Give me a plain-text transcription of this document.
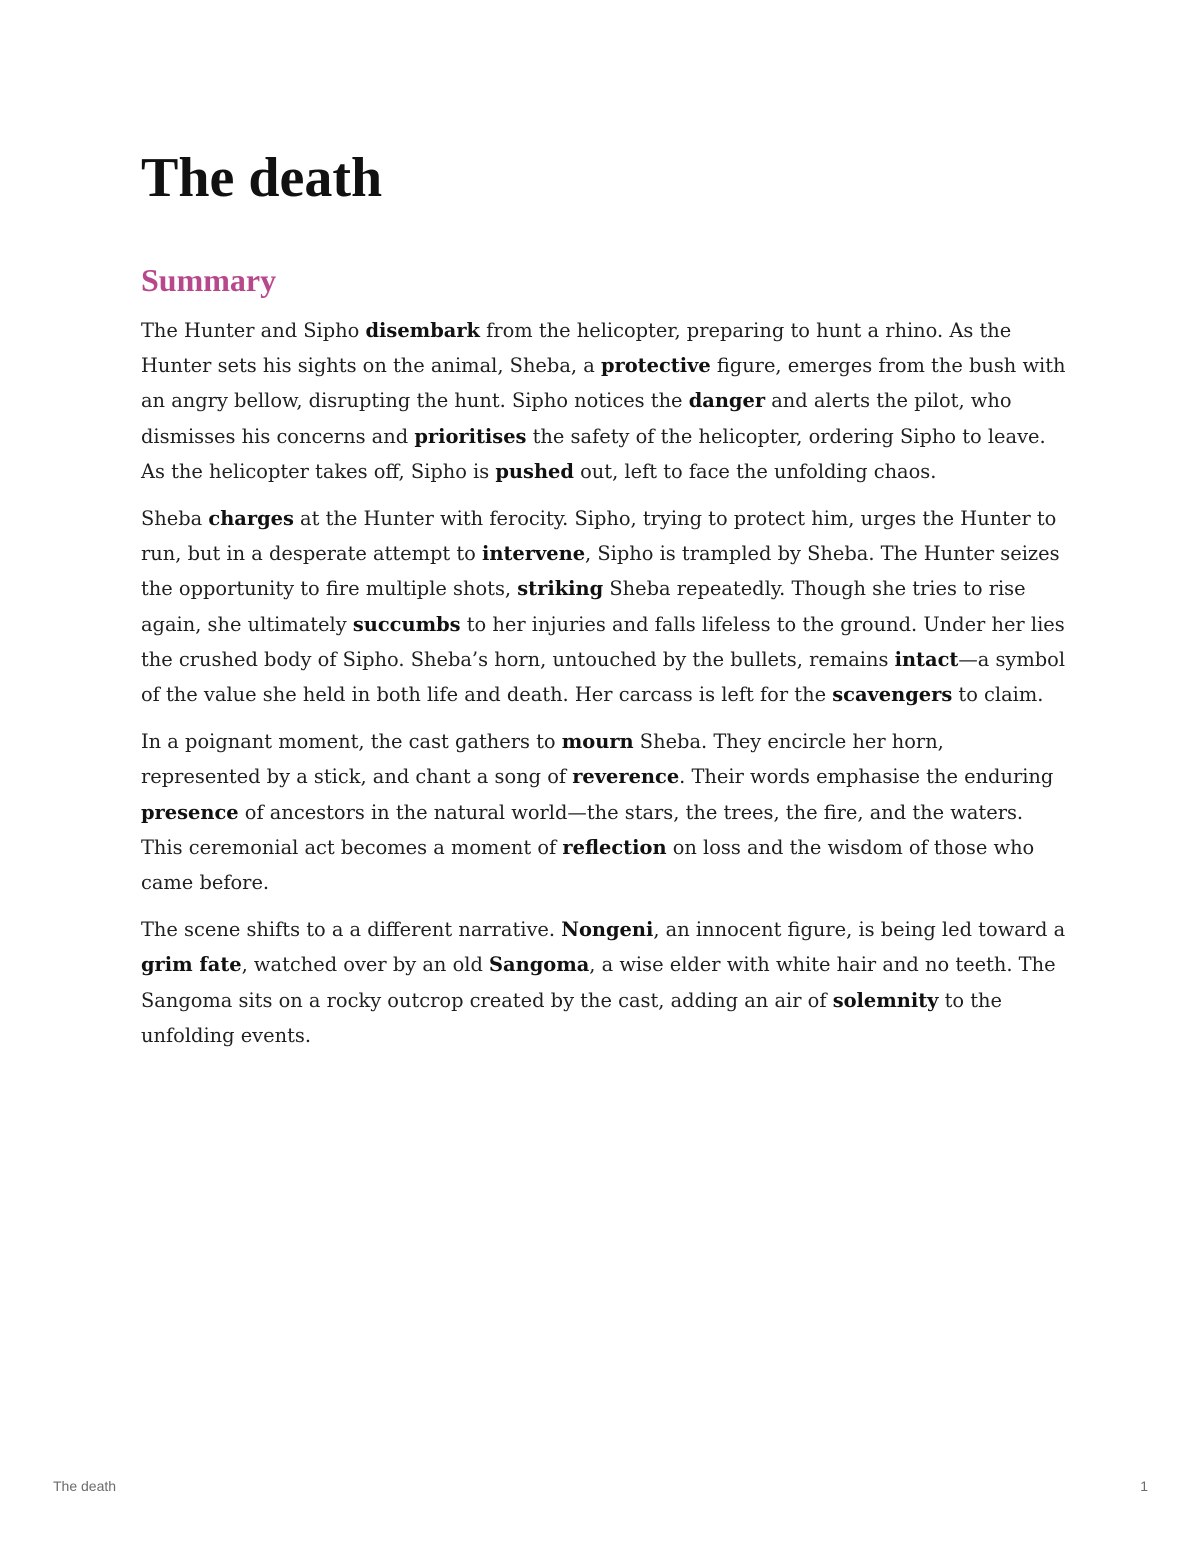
The death
Summary

The Hunter and Sipho disembark from the helicopter, preparing to hunt a rhino. As the Hunter sets his sights on the animal, Sheba, a protective figure, emerges from the bush with an angry bellow, disrupting the hunt. Sipho notices the danger and alerts the pilot, who dismisses his concerns and prioritises the safety of the helicopter, ordering Sipho to leave. As the helicopter takes off, Sipho is pushed out, left to face the unfolding chaos.

Sheba charges at the Hunter with ferocity. Sipho, trying to protect him, urges the Hunter to run, but in a desperate attempt to intervene, Sipho is trampled by Sheba. The Hunter seizes the opportunity to fire multiple shots, striking Sheba repeatedly. Though she tries to rise again, she ultimately succumbs to her injuries and falls lifeless to the ground. Under her lies the crushed body of Sipho. Sheba’s horn, untouched by the bullets, remains intact—a symbol of the value she held in both life and death. Her carcass is left for the scavengers to claim.

In a poignant moment, the cast gathers to mourn Sheba. They encircle her horn, represented by a stick, and chant a song of reverence. Their words emphasise the enduring presence of ancestors in the natural world—the stars, the trees, the fire, and the waters. This ceremonial act becomes a moment of reflection on loss and the wisdom of those who came before.

The scene shifts to a a different narrative. Nongeni, an innocent figure, is being led toward a grim fate, watched over by an old Sangoma, a wise elder with white hair and no teeth. The Sangoma sits on a rocky outcrop created by the cast, adding an air of solemnity to the unfolding events.

The death	1
